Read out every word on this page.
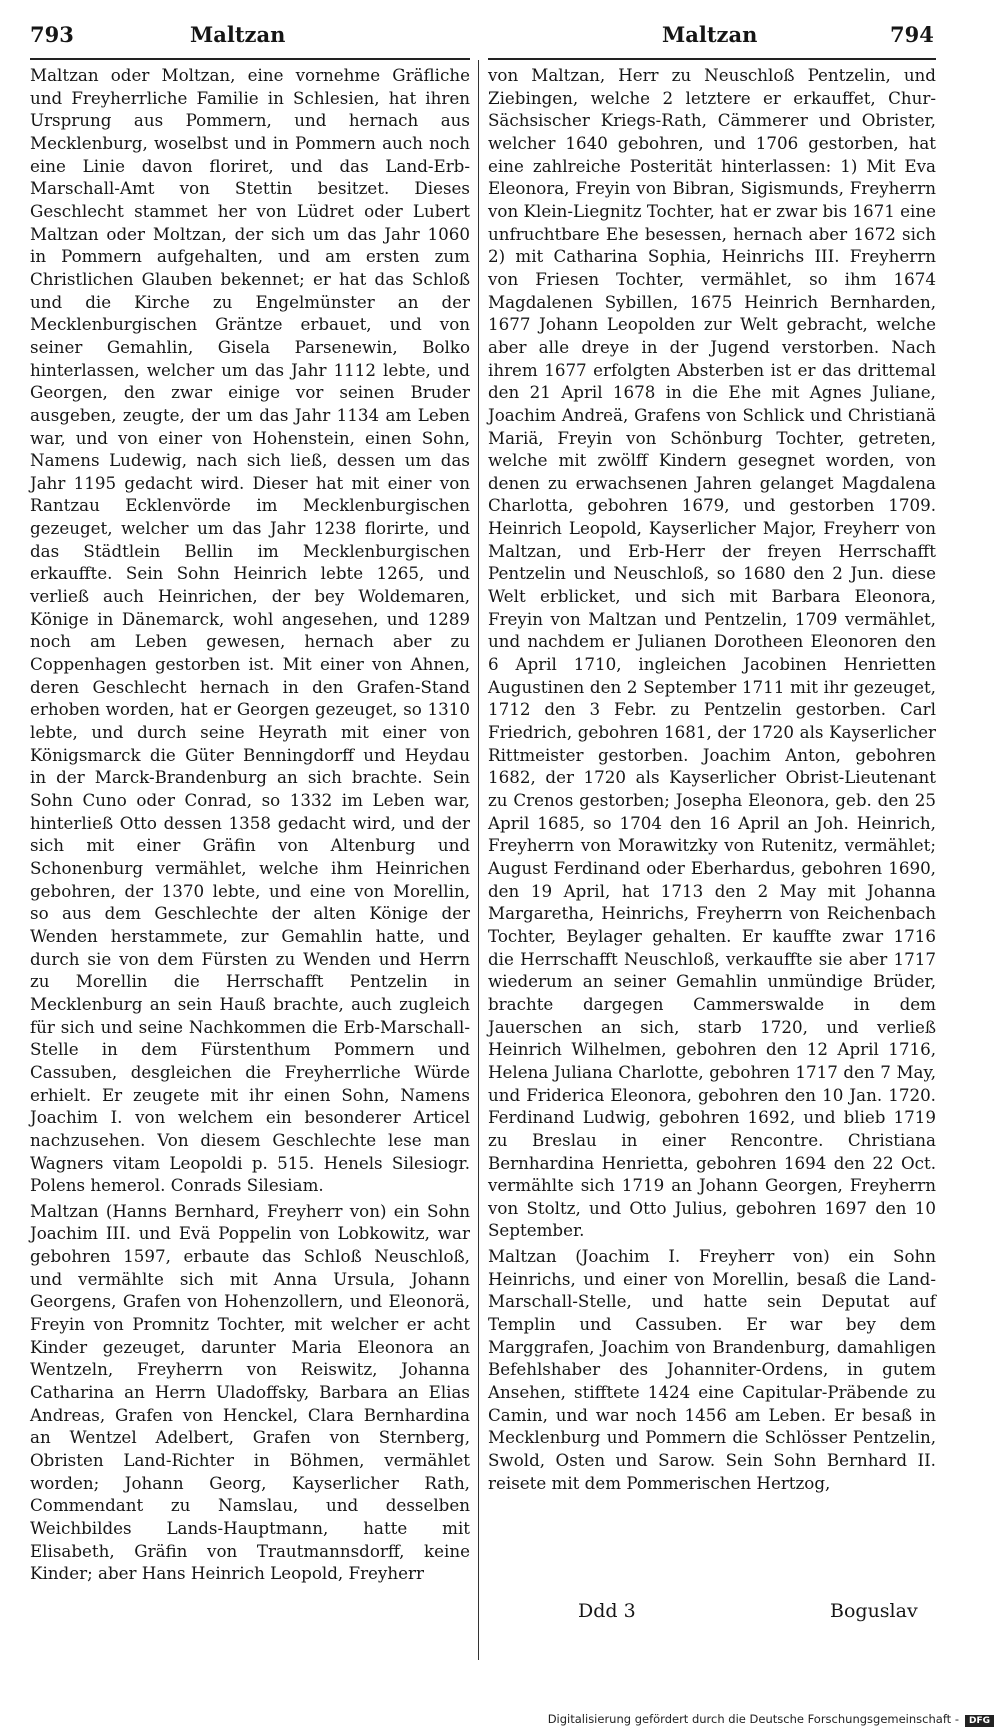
793	Maltzan	Maltzan	794

Maltzan oder Moltzan, eine vornehme Gräfliche und Freyherrliche Familie in Schlesien, hat ihren Ursprung aus Pommern, und hernach aus Mecklenburg, woselbst und in Pommern auch noch eine Linie davon floriret, und das Land-Erb-Marschall-Amt von Stettin besitzet. Dieses Geschlecht stammet her von Lüdret oder Lubert Maltzan oder Moltzan, der sich um das Jahr 1060 in Pommern aufgehalten, und am ersten zum Christlichen Glauben bekennet; er hat das Schloß und die Kirche zu Engelmünster an der Mecklenburgischen Gräntze erbauet, und von seiner Gemahlin, Gisela Parsenewin, Bolko hinterlassen, welcher um das Jahr 1112 lebte, und Georgen, den zwar einige vor seinen Bruder ausgeben, zeugte, der um das Jahr 1134 am Leben war, und von einer von Hohenstein, einen Sohn, Namens Ludewig, nach sich ließ, dessen um das Jahr 1195 gedacht wird. Dieser hat mit einer von Rantzau Ecklenvörde im Mecklenburgischen gezeuget, welcher um das Jahr 1238 florirte, und das Städtlein Bellin im Mecklenburgischen erkauffte. Sein Sohn Heinrich lebte 1265, und verließ auch Heinrichen, der bey Woldemaren, Könige in Dänemarck, wohl angesehen, und 1289 noch am Leben gewesen, hernach aber zu Coppenhagen gestorben ist. Mit einer von Ahnen, deren Geschlecht hernach in den Grafen-Stand erhoben worden, hat er Georgen gezeuget, so 1310 lebte, und durch seine Heyrath mit einer von Königsmarck die Güter Benningdorff und Heydau in der Marck-Brandenburg an sich brachte. Sein Sohn Cuno oder Conrad, so 1332 im Leben war, hinterließ Otto dessen 1358 gedacht wird, und der sich mit einer Gräfin von Altenburg und Schonenburg vermählet, welche ihm Heinrichen gebohren, der 1370 lebte, und eine von Morellin, so aus dem Geschlechte der alten Könige der Wenden herstammete, zur Gemahlin hatte, und durch sie von dem Fürsten zu Wenden und Herrn zu Morellin die Herrschafft Pentzelin in Mecklenburg an sein Hauß brachte, auch zugleich für sich und seine Nachkommen die Erb-Marschall-Stelle in dem Fürstenthum Pommern und Cassuben, desgleichen die Freyherrliche Würde erhielt. Er zeugete mit ihr einen Sohn, Namens Joachim I. von welchem ein besonderer Articel nachzusehen. Von diesem Geschlechte lese man Wagners vitam Leopoldi p. 515. Henels Silesiogr. Polens hemerol. Conrads Silesiam.

Maltzan (Hanns Bernhard, Freyherr von) ein Sohn Joachim III. und Evä Poppelin von Lobkowitz, war gebohren 1597, erbaute das Schloß Neuschloß, und vermählte sich mit Anna Ursula, Johann Georgens, Grafen von Hohenzollern, und Eleonorä, Freyin von Promnitz Tochter, mit welcher er acht Kinder gezeuget, darunter Maria Eleonora an Wentzeln, Freyherrn von Reiswitz, Johanna Catharina an Herrn Uladoffsky, Barbara an Elias Andreas, Grafen von Henckel, Clara Bernhardina an Wentzel Adelbert, Grafen von Sternberg, Obristen Land-Richter in Böhmen, vermählet worden; Johann Georg, Kayserlicher Rath, Commendant zu Namslau, und desselben Weichbildes Lands-Hauptmann, hatte mit Elisabeth, Gräfin von Trautmannsdorff, keine Kinder; aber Hans Heinrich Leopold, Freyherr

von Maltzan, Herr zu Neuschloß Pentzelin, und Ziebingen, welche 2 letztere er erkauffet, Chur-Sächsischer Kriegs-Rath, Cämmerer und Obrister, welcher 1640 gebohren, und 1706 gestorben, hat eine zahlreiche Posterität hinterlassen: 1) Mit Eva Eleonora, Freyin von Bibran, Sigismunds, Freyherrn von Klein-Liegnitz Tochter, hat er zwar bis 1671 eine unfruchtbare Ehe besessen, hernach aber 1672 sich 2) mit Catharina Sophia, Heinrichs III. Freyherrn von Friesen Tochter, vermählet, so ihm 1674 Magdalenen Sybillen, 1675 Heinrich Bernharden, 1677 Johann Leopolden zur Welt gebracht, welche aber alle dreye in der Jugend verstorben. Nach ihrem 1677 erfolgten Absterben ist er das drittemal den 21 April 1678 in die Ehe mit Agnes Juliane, Joachim Andreä, Grafens von Schlick und Christianä Mariä, Freyin von Schönburg Tochter, getreten, welche mit zwölff Kindern gesegnet worden, von denen zu erwachsenen Jahren gelanget Magdalena Charlotta, gebohren 1679, und gestorben 1709. Heinrich Leopold, Kayserlicher Major, Freyherr von Maltzan, und Erb-Herr der freyen Herrschafft Pentzelin und Neuschloß, so 1680 den 2 Jun. diese Welt erblicket, und sich mit Barbara Eleonora, Freyin von Maltzan und Pentzelin, 1709 vermählet, und nachdem er Julianen Dorotheen Eleonoren den 6 April 1710, ingleichen Jacobinen Henrietten Augustinen den 2 September 1711 mit ihr gezeuget, 1712 den 3 Febr. zu Pentzelin gestorben. Carl Friedrich, gebohren 1681, der 1720 als Kayserlicher Rittmeister gestorben. Joachim Anton, gebohren 1682, der 1720 als Kayserlicher Obrist-Lieutenant zu Crenos gestorben; Josepha Eleonora, geb. den 25 April 1685, so 1704 den 16 April an Joh. Heinrich, Freyherrn von Morawitzky von Rutenitz, vermählet; August Ferdinand oder Eberhardus, gebohren 1690, den 19 April, hat 1713 den 2 May mit Johanna Margaretha, Heinrichs, Freyherrn von Reichenbach Tochter, Beylager gehalten. Er kauffte zwar 1716 die Herrschafft Neuschloß, verkauffte sie aber 1717 wiederum an seiner Gemahlin unmündige Brüder, brachte dargegen Cammerswalde in dem Jauerschen an sich, starb 1720, und verließ Heinrich Wilhelmen, gebohren den 12 April 1716, Helena Juliana Charlotte, gebohren 1717 den 7 May, und Friderica Eleonora, gebohren den 10 Jan. 1720. Ferdinand Ludwig, gebohren 1692, und blieb 1719 zu Breslau in einer Rencontre. Christiana Bernhardina Henrietta, gebohren 1694 den 22 Oct. vermählte sich 1719 an Johann Georgen, Freyherrn von Stoltz, und Otto Julius, gebohren 1697 den 10 September.

Maltzan (Joachim I. Freyherr von) ein Sohn Heinrichs, und einer von Morellin, besaß die Land-Marschall-Stelle, und hatte sein Deputat auf Templin und Cassuben. Er war bey dem Marggrafen, Joachim von Brandenburg, damahligen Befehlshaber des Johanniter-Ordens, in gutem Ansehen, stifftete 1424 eine Capitular-Präbende zu Camin, und war noch 1456 am Leben. Er besaß in Mecklenburg und Pommern die Schlösser Pentzelin, Swold, Osten und Sarow. Sein Sohn Bernhard II. reisete mit dem Pommerischen Hertzog,

Ddd 3	Boguslav
Digitalisierung gefördert durch die Deutsche Forschungsgemeinschaft - DFG
